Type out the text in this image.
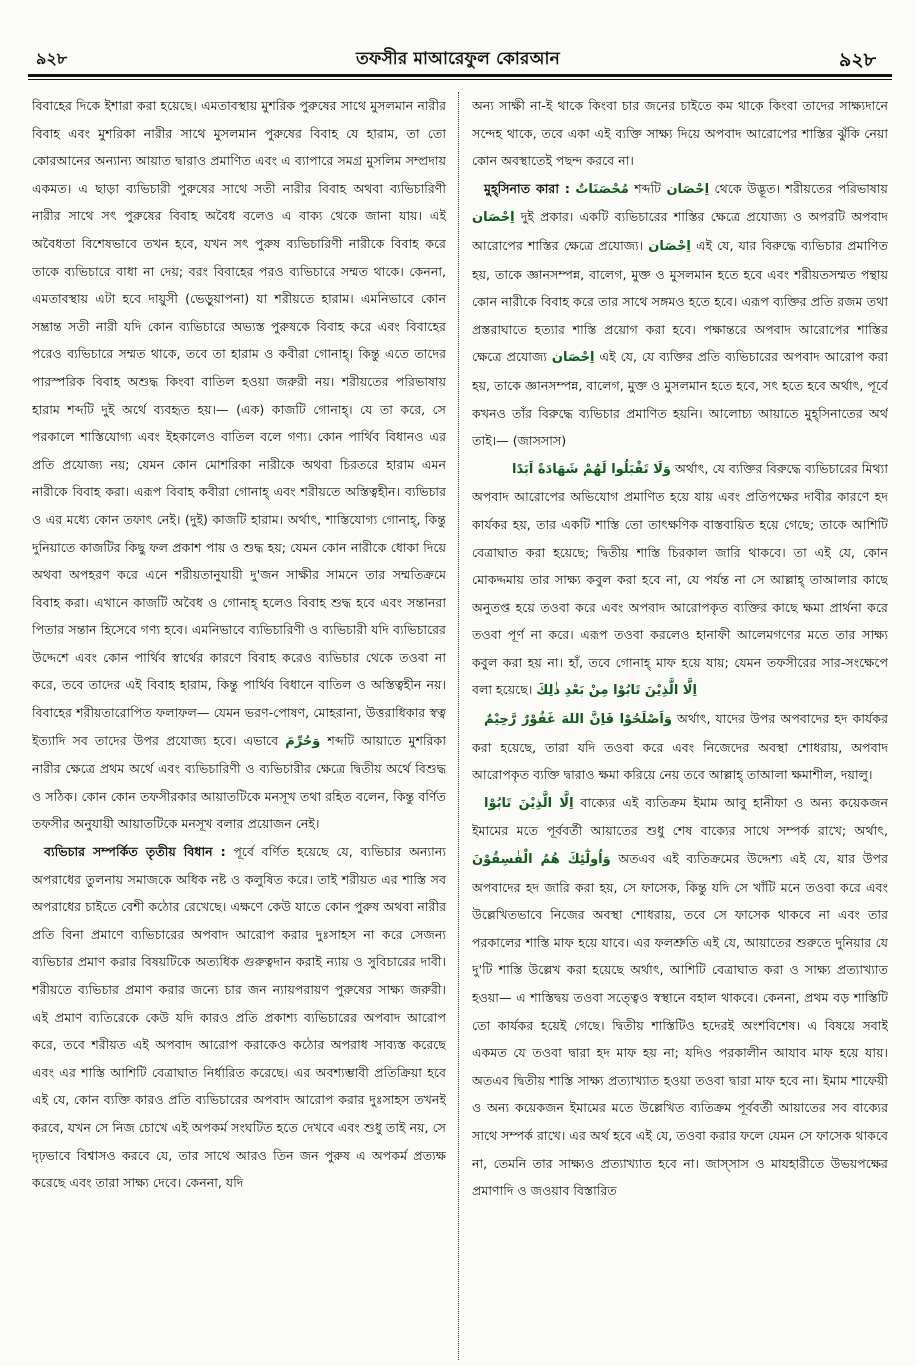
৯২৮	তফসীর মাআরেফুল কোরআন	৯২৮

বিবাহের দিকে ইশারা করা হয়েছে। এমতাবস্থায় মুশরিক পুরুষের সাথে মুসলমান নারীর বিবাহ এবং মুশরিকা নারীর সাথে মুসলমান পুরুষের বিবাহ যে হারাম, তা তো কোরআনের অন্যান্য আয়াত দ্বারাও প্রমাণিত এবং এ ব্যাপারে সমগ্র মুসলিম সম্প্রদায় একমত। এ ছাড়া ব্যভিচারী পুরুষের সাথে সতী নারীর বিবাহ অথবা ব্যভিচারিণী নারীর সাথে সৎ পুরুষের বিবাহ অবৈধ বলেও এ বাক্য থেকে জানা যায়। এই অবৈধতা বিশেষভাবে তখন হবে, যখন সৎ পুরুষ ব্যভিচারিণী নারীকে বিবাহ করে তাকে ব্যভিচারে বাধা না দেয়; বরং বিবাহের পরও ব্যভিচারে সম্মত থাকে। কেননা, এমতাবস্থায় এটা হবে দায়ুসী (ভেড়ুয়াপনা) যা শরীয়তে হারাম। এমনিভাবে কোন সম্ভ্রান্ত সতী নারী যদি কোন ব্যভিচারে অভ্যস্ত পুরুষকে বিবাহ করে এবং বিবাহের পরেও ব্যভিচারে সম্মত থাকে, তবে তা হারাম ও কবীরা গোনাহ্। কিন্তু এতে তাদের পারস্পরিক বিবাহ অশুদ্ধ কিংবা বাতিল হওয়া জরুরী নয়। শরীয়তের পরিভাষায় হারাম শব্দটি দুই অর্থে ব্যবহৃত হয়।— (এক) কাজটি গোনাহ্। যে তা করে, সে পরকালে শাস্তিযোগ্য এবং ইহকালেও বাতিল বলে গণ্য। কোন পার্থিব বিধানও এর প্রতি প্রযোজ্য নয়; যেমন কোন মোশরিকা নারীকে অথবা চিরতরে হারাম এমন নারীকে বিবাহ করা। এরূপ বিবাহ কবীরা গোনাহ্ এবং শরীয়তে অস্তিত্বহীন। ব্যভিচার ও এর মধ্যে কোন তফাৎ নেই। (দুই) কাজটি হারাম। অর্থাৎ, শাস্তিযোগ্য গোনাহ্, কিন্তু দুনিয়াতে কাজটির কিছু ফল প্রকাশ পায় ও শুদ্ধ হয়; যেমন কোন নারীকে ধোকা দিয়ে অথবা অপহরণ করে এনে শরীয়তানুযায়ী দু'জন সাক্ষীর সামনে তার সম্মতিক্রমে বিবাহ করা। এখানে কাজটি অবৈধ ও গোনাহ্ হলেও বিবাহ শুদ্ধ হবে এবং সন্তানরা পিতার সন্তান হিসেবে গণ্য হবে। এমনিভাবে ব্যভিচারিণী ও ব্যভিচারী যদি ব্যভিচারের উদ্দেশে এবং কোন পার্থিব স্বার্থের কারণে বিবাহ করেও ব্যভিচার থেকে তওবা না করে, তবে তাদের এই বিবাহ হারাম, কিন্তু পার্থিব বিধানে বাতিল ও অস্তিত্বহীন নয়। বিবাহের শরীয়তারোপিত ফলাফল— যেমন ভরণ-পোষণ, মোহরানা, উত্তরাধিকার স্বত্ব ইত্যাদি সব তাদের উপর প্রযোজ্য হবে। এভাবে وَحُرِّمَ শব্দটি আয়াতে মুশরিকা নারীর ক্ষেত্রে প্রথম অর্থে এবং ব্যভিচারিণী ও ব্যভিচারীর ক্ষেত্রে দ্বিতীয় অর্থে বিশুদ্ধ ও সঠিক। কোন কোন তফসীরকার আয়াতটিকে মনসূখ তথা রহিত বলেন, কিন্তু বর্ণিত তফসীর অনুযায়ী আয়াতটিকে মনসূখ বলার প্রয়োজন নেই।

ব্যভিচার সম্পর্কিত তৃতীয় বিধান : পূর্বে বর্ণিত হয়েছে যে, ব্যভিচার অন্যান্য অপরাধের তুলনায় সমাজকে অধিক নষ্ট ও কলুষিত করে। তাই শরীয়ত এর শাস্তি সব অপরাধের চাইতে বেশী কঠোর রেখেছে। এক্ষণে কেউ যাতে কোন পুরুষ অথবা নারীর প্রতি বিনা প্রমাণে ব্যভিচারের অপবাদ আরোপ করার দুঃসাহস না করে সেজন্য ব্যভিচার প্রমাণ করার বিষয়টিকে অত্যধিক গুরুত্বদান করাই ন্যায় ও সুবিচারের দাবী। শরীয়তে ব্যভিচার প্রমাণ করার জন্যে চার জন ন্যায়পরায়ণ পুরুষের সাক্ষ্য জরুরী। এই প্রমাণ ব্যতিরেকে কেউ যদি কারও প্রতি প্রকাশ্য ব্যভিচারের অপবাদ আরোপ করে, তবে শরীয়ত এই অপবাদ আরোপ করাকেও কঠোর অপরাধ সাব্যস্ত করেছে এবং এর শাস্তি আশিটি বেত্রাঘাত নির্ধারিত করেছে। এর অবশ্যম্ভাবী প্রতিক্রিয়া হবে এই যে, কোন ব্যক্তি কারও প্রতি ব্যভিচারের অপবাদ আরোপ করার দুঃসাহস তখনই করবে, যখন সে নিজ চোখে এই অপকর্ম সংঘটিত হতে দেখবে এবং শুধু তাই নয়, সে দৃঢ়ভাবে বিশ্বাসও করবে যে, তার সাথে আরও তিন জন পুরুষ এ অপকর্ম প্রত্যক্ষ করেছে এবং তারা সাক্ষ্য দেবে। কেননা, যদি

অন্য সাক্ষী না-ই থাকে কিংবা চার জনের চাইতে কম থাকে কিংবা তাদের সাক্ষ্যদানে সন্দেহ থাকে, তবে একা এই ব্যক্তি সাক্ষ্য দিয়ে অপবাদ আরোপের শাস্তির ঝুঁকি নেয়া কোন অবস্থাতেই পছন্দ করবে না।

মুহ্‌সিনাত কারা : مُحْصَنَاتٌ শব্দটি اِحْصَان থেকে উদ্ভূত। শরীয়তের পরিভাষায় اِحْصَان দুই প্রকার। একটি ব্যভিচারের শাস্তির ক্ষেত্রে প্রযোজ্য ও অপরটি অপবাদ আরোপের শাস্তির ক্ষেত্রে প্রযোজ্য। اِحْصَان এই যে, যার বিরুদ্ধে ব্যভিচার প্রমাণিত হয়, তাকে জ্ঞানসম্পন্ন, বালেগ, মুক্ত ও মুসলমান হতে হবে এবং শরীয়তসম্মত পন্থায় কোন নারীকে বিবাহ করে তার সাথে সঙ্গমও হতে হবে। এরূপ ব্যক্তির প্রতি রজম তথা প্রস্তরাঘাতে হত্যার শাস্তি প্রয়োগ করা হবে। পক্ষান্তরে অপবাদ আরোপের শাস্তির ক্ষেত্রে প্রযোজ্য اِحْصَان এই যে, যে ব্যক্তির প্রতি ব্যভিচারের অপবাদ আরোপ করা হয়, তাকে জ্ঞানসম্পন্ন, বালেগ, মুক্ত ও মুসলমান হতে হবে, সৎ হতে হবে অর্থাৎ, পূর্বে কখনও তাঁর বিরুদ্ধে ব্যভিচার প্রমাণিত হয়নি। আলোচ্য আয়াতে মুহ্‌সিনাতের অর্থ তাই।— (জাসসাস)

وَلَا تَقْبَلُوا لَهُمْ شَهَادَةً اَبَدًا অর্থাৎ, যে ব্যক্তির বিরুদ্ধে ব্যভিচারের মিথ্যা অপবাদ আরোপের অভিযোগ প্রমাণিত হয়ে যায় এবং প্রতিপক্ষের দাবীর কারণে হদ কার্যকর হয়, তার একটি শাস্তি তো তাৎক্ষণিক বাস্তবায়িত হয়ে গেছে; তাকে আশিটি বেত্রাঘাত করা হয়েছে; দ্বিতীয় শাস্তি চিরকাল জারি থাকবে। তা এই যে, কোন মোকদ্দমায় তার সাক্ষ্য কবুল করা হবে না, যে পর্যন্ত না সে আল্লাহ্ তাআলার কাছে অনুতপ্ত হয়ে তওবা করে এবং অপবাদ আরোপকৃত ব্যক্তির কাছে ক্ষমা প্রার্থনা করে তওবা পূর্ণ না করে। এরূপ তওবা করলেও হানাফী আলেমগণের মতে তার সাক্ষ্য কবুল করা হয় না। হাঁ, তবে গোনাহ্ মাফ হয়ে যায়; যেমন তফসীরের সার-সংক্ষেপে বলা হয়েছে। اِلَّا الَّذِيْنَ تَابُوْا مِنْ بَعْدِ ذٰلِكَ

وَاَصْلَحُوْا فَاِنَّ اللهَ غَفُوْرٌ رَّحِيْمٌ অর্থাৎ, যাদের উপর অপবাদের হদ কার্যকর করা হয়েছে, তারা যদি তওবা করে এবং নিজেদের অবস্থা শোধরায়, অপবাদ আরোপকৃত ব্যক্তি দ্বারাও ক্ষমা করিয়ে নেয় তবে আল্লাহ্ তাআলা ক্ষমাশীল, দয়ালু।

اِلَّا الَّذِيْنَ تَابُوْا বাক্যের এই ব্যতিক্রম ইমাম আবু হানীফা ও অন্য কয়েকজন ইমামের মতে পূর্ববর্তী আয়াতের শুধু শেষ বাক্যের সাথে সম্পর্ক রাখে; অর্থাৎ, وَاُولٰٓئِكَ هُمُ الْفٰسِقُوْنَ অতএব এই ব্যতিক্রমের উদ্দেশ্য এই যে, যার উপর অপবাদের হদ জারি করা হয়, সে ফাসেক, কিন্তু যদি সে খাঁটি মনে তওবা করে এবং উল্লেখিতভাবে নিজের অবস্থা শোধরায়, তবে সে ফাসেক থাকবে না এবং তার পরকালের শাস্তি মাফ হয়ে যাবে। এর ফলশ্রুতি এই যে, আয়াতের শুরুতে দুনিয়ার যে দু'টি শাস্তি উল্লেখ করা হয়েছে অর্থাৎ, আশিটি বেত্রাঘাত করা ও সাক্ষ্য প্রত্যাখ্যাত হওয়া— এ শাস্তিদ্বয় তওবা সত্ত্বেও স্বস্থানে বহাল থাকবে। কেননা, প্রথম বড় শাস্তিটি তো কার্যকর হয়েই গেছে। দ্বিতীয় শাস্তিটিও হদেরই অংশবিশেষ। এ বিষয়ে সবাই একমত যে তওবা দ্বারা হদ মাফ হয় না; যদিও পরকালীন আযাব মাফ হয়ে যায়। অতএব দ্বিতীয় শাস্তি সাক্ষ্য প্রত্যাখ্যাত হওয়া তওবা দ্বারা মাফ হবে না। ইমাম শাফেয়ী ও অন্য কয়েকজন ইমামের মতে উল্লেখিত ব্যতিক্রম পূর্ববর্তী আয়াতের সব বাক্যের সাথে সম্পর্ক রাখে। এর অর্থ হবে এই যে, তওবা করার ফলে যেমন সে ফাসেক থাকবে না, তেমনি তার সাক্ষ্যও প্রত্যাখ্যাত হবে না। জাস্‌সাস ও মাযহারীতে উভয়পক্ষের প্রমাণাদি ও জওয়াব বিস্তারিত
